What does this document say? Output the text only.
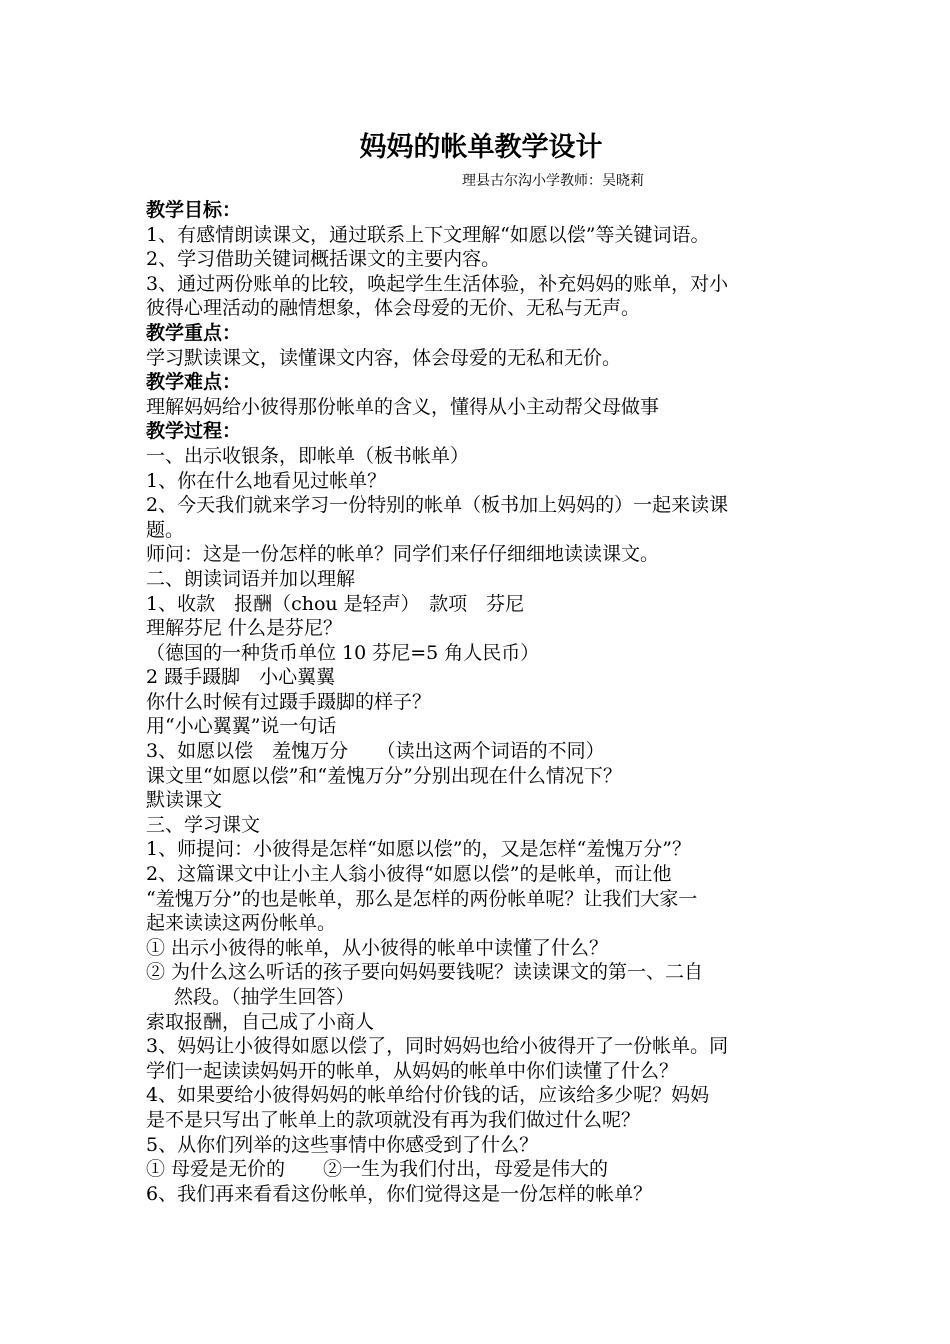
妈妈的帐单教学设计
理县古尔沟小学教师：吴晓莉

教学目标：

1、有感情朗读课文，通过联系上下文理解“如愿以偿”等关键词语。

2、学习借助关键词概括课文的主要内容。

3、通过两份账单的比较，唤起学生生活体验，补充妈妈的账单，对小

彼得心理活动的融情想象，体会母爱的无价、无私与无声。

教学重点：

学习默读课文，读懂课文内容，体会母爱的无私和无价。

教学难点：

理解妈妈给小彼得那份帐单的含义，懂得从小主动帮父母做事

教学过程：

一、出示收银条，即帐单（板书帐单）

1、你在什么地看见过帐单？

2、今天我们就来学习一份特别的帐单（板书加上妈妈的）一起来读课

题。

师问：这是一份怎样的帐单？同学们来仔仔细细地读读课文。

二、朗读词语并加以理解

1、收款　报酬（chou 是轻声）　款项　芬尼

理解芬尼 什么是芬尼？

（德国的一种货币单位 10 芬尼=5 角人民币）

2 蹑手蹑脚　小心翼翼

你什么时候有过蹑手蹑脚的样子？

用“小心翼翼”说一句话

3、如愿以偿　羞愧万分　　（读出这两个词语的不同）

课文里“如愿以偿”和“羞愧万分”分别出现在什么情况下？

默读课文

三、学习课文

1、师提问：小彼得是怎样“如愿以偿”的，又是怎样“羞愧万分”？

2、这篇课文中让小主人翁小彼得“如愿以偿”的是帐单，而让他

“羞愧万分”的也是帐单，那么是怎样的两份帐单呢？让我们大家一

起来读读这两份帐单。

① 出示小彼得的帐单，从小彼得的帐单中读懂了什么？

② 为什么这么听话的孩子要向妈妈要钱呢？读读课文的第一、二自

然段。（抽学生回答）

索取报酬，自己成了小商人

3、妈妈让小彼得如愿以偿了，同时妈妈也给小彼得开了一份帐单。同

学们一起读读妈妈开的帐单，从妈妈的帐单中你们读懂了什么？

4、如果要给小彼得妈妈的帐单给付价钱的话，应该给多少呢？妈妈

是不是只写出了帐单上的款项就没有再为我们做过什么呢？

5、从你们列举的这些事情中你感受到了什么？

① 母爱是无价的　　②一生为我们付出，母爱是伟大的

6、我们再来看看这份帐单，你们觉得这是一份怎样的帐单？
